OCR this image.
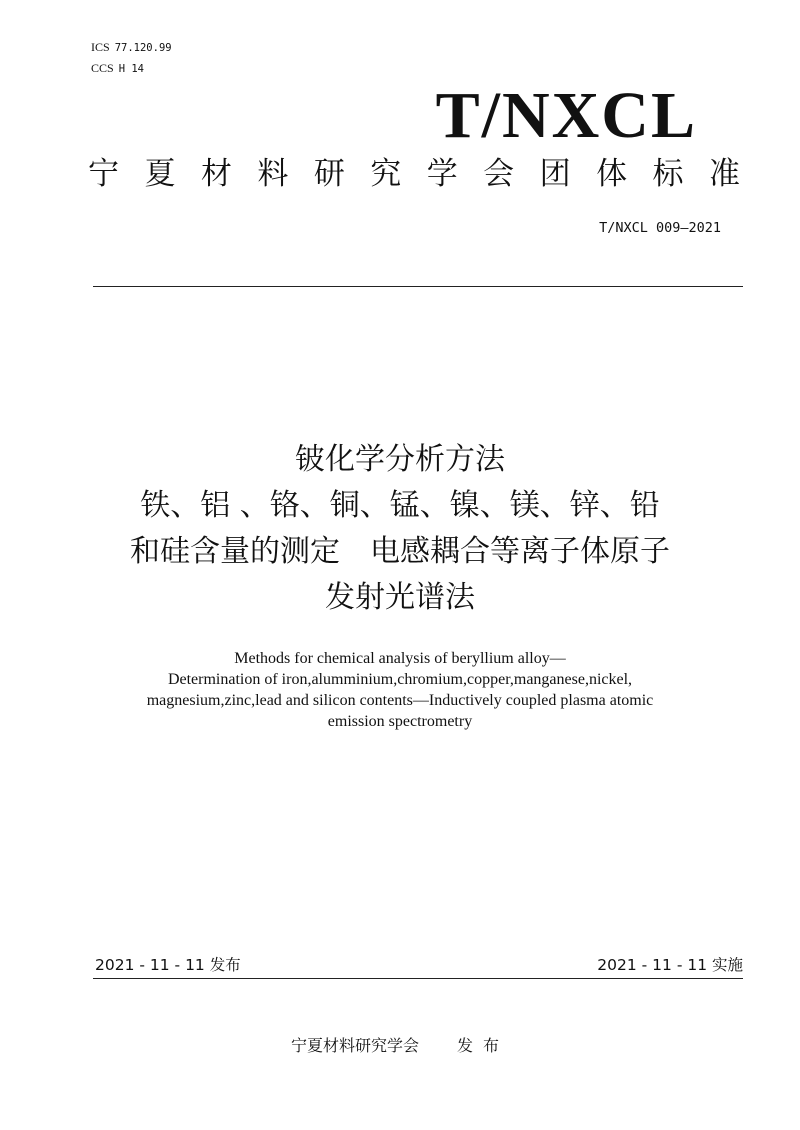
ICS 77.120.99
CCS H 14
T/NXCL
宁 夏 材 料 研 究 学 会 团 体 标 准
T/NXCL 009—2021
铍化学分析方法
铁、铝 、铬、铜、锰、镍、镁、锌、铅
和硅含量的测定　电感耦合等离子体原子
发射光谱法
Methods for chemical analysis of beryllium alloy—
Determination of iron,alumminium,chromium,copper,manganese,nickel,
magnesium,zinc,lead and silicon contents—Inductively coupled plasma atomic
emission spectrometry
2021 - 11 - 11 发布	2021 - 11 - 11 实施
宁夏材料研究学会 发布
